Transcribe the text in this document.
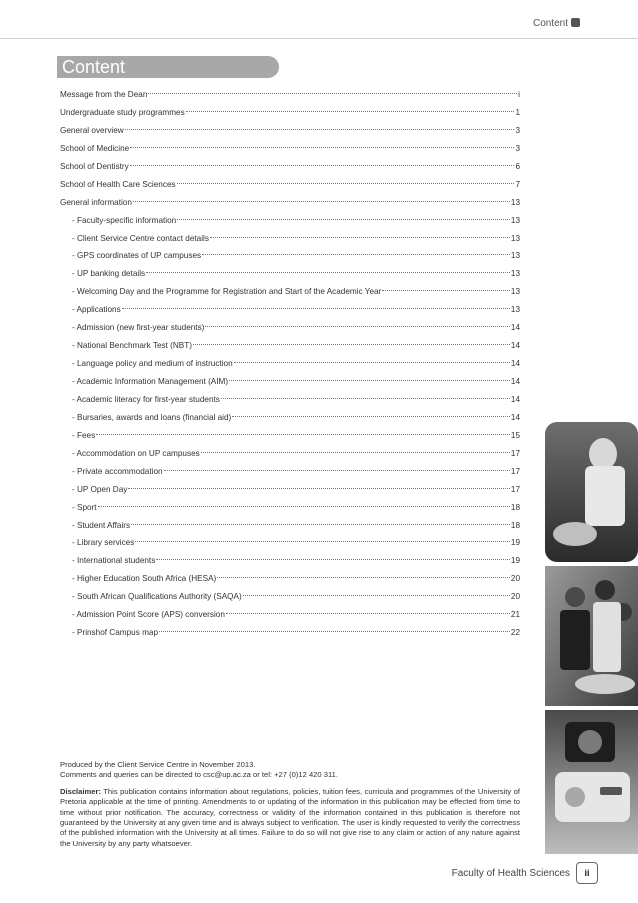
Content
Content
Message from the Dean	i
Undergraduate study programmes	1
General overview	3
School of Medicine	3
School of Dentistry	6
School of Health Care Sciences	7
General information	13
- Faculty-specific information	13
- Client Service Centre contact details	13
- GPS coordinates of UP campuses	13
- UP banking details	13
- Welcoming Day and the Programme for Registration and Start of the Academic Year	13
- Applications	13
- Admission (new first-year students)	14
- National Benchmark Test (NBT)	14
- Language policy and medium of instruction	14
- Academic Information Management (AIM)	14
- Academic literacy for first-year students	14
- Bursaries, awards and loans (financial aid)	14
- Fees	15
- Accommodation on UP campuses	17
- Private accommodation	17
- UP Open Day	17
- Sport	18
- Student Affairs	18
- Library services	19
- International students	19
- Higher Education South Africa (HESA)	20
- South African Qualifications Authority (SAQA)	20
- Admission Point Score (APS) conversion	21
- Prinshof Campus map	22

Produced by the Client Service Centre in November 2013.

Comments and queries can be directed to csc@up.ac.za or tel: +27 (0)12 420 311.

Disclaimer: This publication contains information about regulations, policies, tuition fees, curricula and programmes of the University of Pretoria applicable at the time of printing. Amendments to or updating of the information in this publication may be effected from time to time without prior notification. The accuracy, correctness or validity of the information contained in this publication is therefore not guaranteed by the University at any given time and is always subject to verification. The user is kindly requested to verify the correctness of the published information with the University at all times. Failure to do so will not give rise to any claim or action of any nature against the University by any party whatsoever.

Faculty of Health Sciences	ii
